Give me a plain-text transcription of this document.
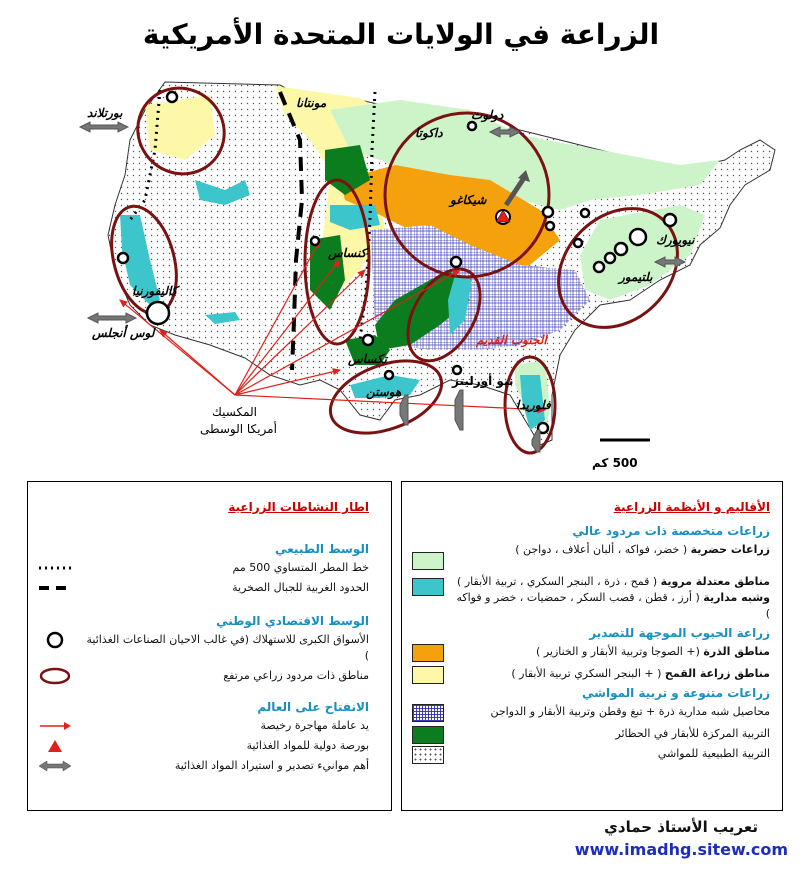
الزراعة في الولايات المتحدة الأمريكية
بورتلاند
مونتانا
دولوث
داكوتا
شيكاغو
كنساس
كاليفورنيا
لوس أنجلس
نيويورك
بلتيمور
الجنوب القديم
تكساس
هوستن
نيو أورلينز
فلوريدا
المكسيك
أمريكا الوسطى
500 كم
الأقاليم و الأنظمة الزراعية
زراعات متخصصة ذات مردود عالي
زراعات حضرية ( خضر، فواكه ، ألبان أعلاف ، دواجن )
مناطق معتدلة مروية ( قمح ، ذرة ، البنجر السكري ، تربية الأبقار ) وشبه مدارية ( أرز ، قطن ، قصب السكر ، حمضيات ، خضر و فواكه )
زراعة الحبوب الموجهة للتصدير
مناطق الذرة (+ الصوجا وتربية الأبقار و الخنازير )
مناطق زراعة القمح ( + البنجر السكري تربية الأبقار )
زراعات متنوعة و تربية المواشي
محاصيل شبه مدارية ذرة + تبغ وقطن وتربية الأبقار و الدواجن
التربية المركزة للأبقار في الحظائر
التربية الطبيعية للمواشي
اطار النشاطات الزراعية
الوسط الطبيعي
خط المطر المتساوي 500 مم
الحدود الغربية للجبال الصخرية
الوسط الاقتصادي الوطني
الأسواق الكبرى للاستهلاك (في غالب الاحيان الصناعات الغذائية )
مناطق ذات مردود زراعي مرتفع
الانفتاح على العالم
يد عاملة مهاجرة رخيصة
بورصة دولية للمواد الغذائية
أهم موانيء تصدير و استيراد المواد الغذائية
تعريب الأستاذ حمادي
www.imadhg.sitew.com
